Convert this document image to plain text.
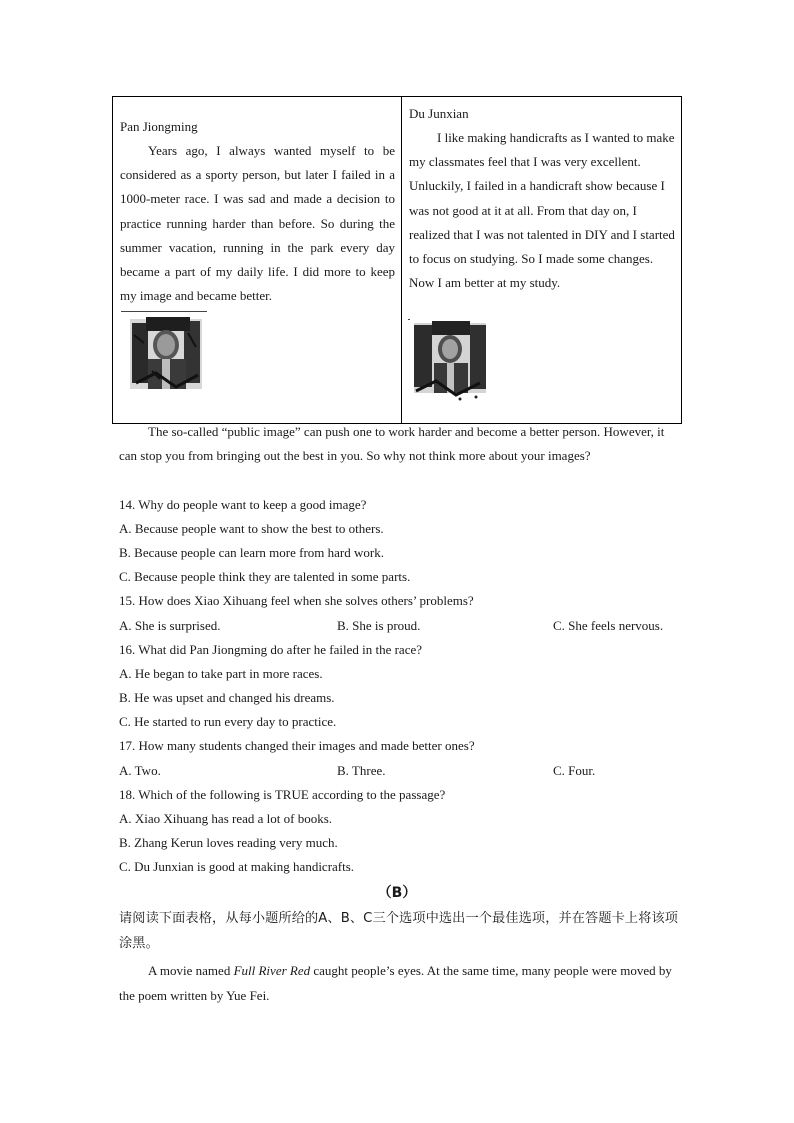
Pan Jiongming

Years ago, I always wanted myself to be considered as a sporty person, but later I failed in a 1000-meter race. I was sad and made a decision to practice running harder than before. So during the summer vacation, running in the park every day became a part of my daily life. I did more to keep my image and became better.

Du Junxian

I like making handicrafts as I wanted to make my classmates feel that I was very excellent. Unluckily, I failed in a handicraft show because I was not good at it at all. From that day on, I realized that I was not talented in DIY and I started to focus on studying. So I made some changes. Now I am better at my study.

The so-called “public image” can push one to work harder and become a better person. However, it can stop you from bringing out the best in you. So why not think more about your images?

14. Why do people want to keep a good image?
A. Because people want to show the best to others.
B. Because people can learn more from hard work.
C. Because people think they are talented in some parts.
15. How does Xiao Xihuang feel when she solves others’ problems?
A. She is surprised.	B. She is proud.	C. She feels nervous.
16. What did Pan Jiongming do after he failed in the race?
A. He began to take part in more races.
B. He was upset and changed his dreams.
C. He started to run every day to practice.
17. How many students changed their images and made better ones?
A. Two.	B. Three.	C. Four.
18. Which of the following is TRUE according to the passage?
A. Xiao Xihuang has read a lot of books.
B. Zhang Kerun loves reading very much.
C. Du Junxian is good at making handicrafts.
（B）

请阅读下面表格，从每小题所给的A、B、C三个选项中选出一个最佳选项，并在答题卡上将该项涂黑。

A movie named Full River Red caught people’s eyes. At the same time, many people were moved by the poem written by Yue Fei.
